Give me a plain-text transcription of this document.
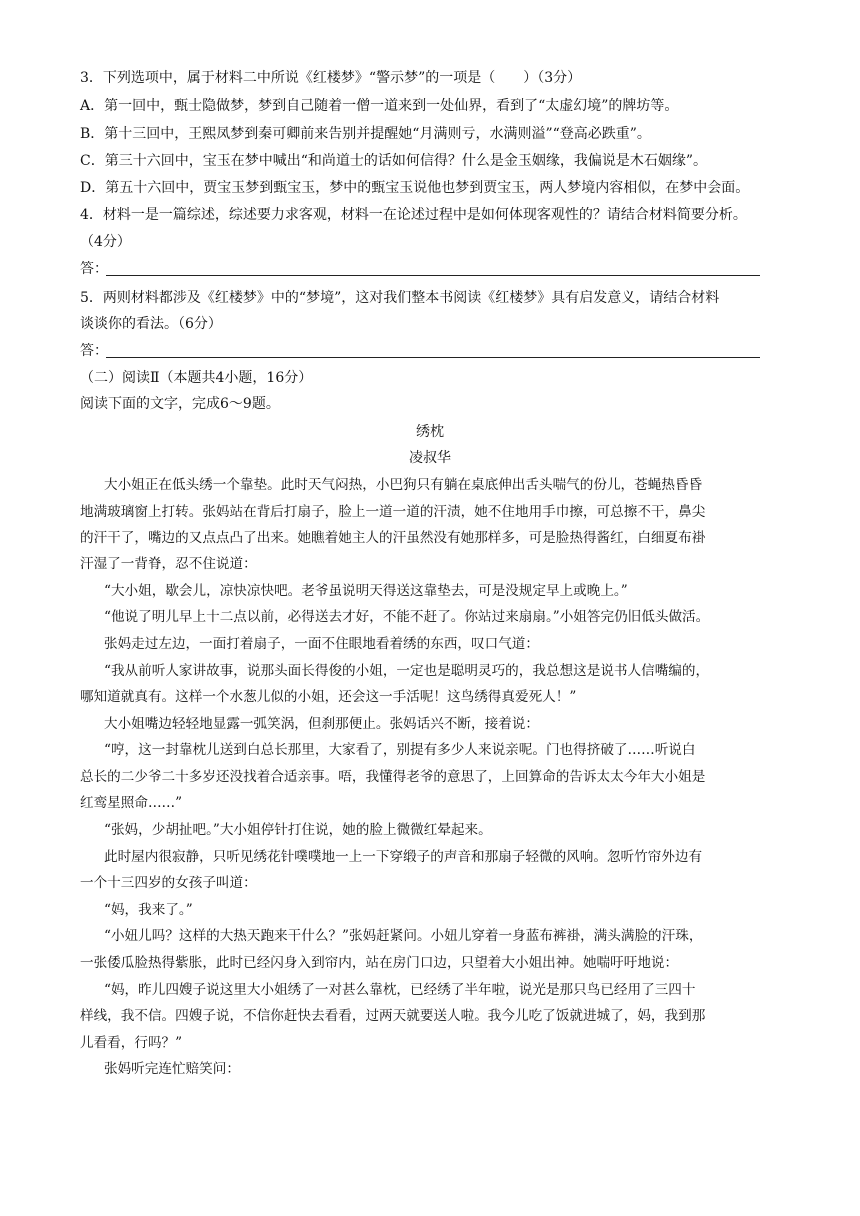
3．下列选项中，属于材料二中所说《红楼梦》“警示梦”的一项是（　　）（3分）
A．第一回中，甄士隐做梦，梦到自己随着一僧一道来到一处仙界，看到了“太虚幻境”的牌坊等。
B．第十三回中，王熙凤梦到秦可卿前来告别并提醒她“月满则亏，水满则溢”“登高必跌重”。
C．第三十六回中，宝玉在梦中喊出“和尚道士的话如何信得？什么是金玉姻缘，我偏说是木石姻缘”。
D．第五十六回中，贾宝玉梦到甄宝玉，梦中的甄宝玉说他也梦到贾宝玉，两人梦境内容相似，在梦中会面。
4．材料一是一篇综述，综述要力求客观，材料一在论述过程中是如何体现客观性的？请结合材料简要分析。
（4分）
答：
5．两则材料都涉及《红楼梦》中的“梦境”，这对我们整本书阅读《红楼梦》具有启发意义，请结合材料
谈谈你的看法。（6分）
答：
（二）阅读Ⅱ（本题共4小题，16分）
阅读下面的文字，完成6～9题。
绣枕
凌叔华
大小姐正在低头绣一个靠垫。此时天气闷热，小巴狗只有躺在桌底伸出舌头喘气的份儿，苍蝇热昏昏
地满玻璃窗上打转。张妈站在背后打扇子，脸上一道一道的汗渍，她不住地用手巾擦，可总擦不干，鼻尖
的汗干了，嘴边的又点点凸了出来。她瞧着她主人的汗虽然没有她那样多，可是脸热得酱红，白细夏布褂
汗湿了一背脊，忍不住说道：
“大小姐，歇会儿，凉快凉快吧。老爷虽说明天得送这靠垫去，可是没规定早上或晚上。”
“他说了明儿早上十二点以前，必得送去才好，不能不赶了。你站过来扇扇。”小姐答完仍旧低头做活。
张妈走过左边，一面打着扇子，一面不住眼地看着绣的东西，叹口气道：
“我从前听人家讲故事，说那头面长得俊的小姐，一定也是聪明灵巧的，我总想这是说书人信嘴编的，
哪知道就真有。这样一个水葱儿似的小姐，还会这一手活呢！这鸟绣得真爱死人！”
大小姐嘴边轻轻地显露一弧笑涡，但刹那便止。张妈话兴不断，接着说：
“哼，这一封靠枕儿送到白总长那里，大家看了，别提有多少人来说亲呢。门也得挤破了……听说白
总长的二少爷二十多岁还没找着合适亲事。唔，我懂得老爷的意思了，上回算命的告诉太太今年大小姐是
红鸾星照命……”
“张妈，少胡扯吧。”大小姐停针打住说，她的脸上微微红晕起来。
此时屋内很寂静，只听见绣花针噗噗地一上一下穿缎子的声音和那扇子轻微的风响。忽听竹帘外边有
一个十三四岁的女孩子叫道：
“妈，我来了。”
“小妞儿吗？这样的大热天跑来干什么？”张妈赶紧问。小妞儿穿着一身蓝布裤褂，满头满脸的汗珠，
一张倭瓜脸热得紫胀，此时已经闪身入到帘内，站在房门口边，只望着大小姐出神。她喘吁吁地说：
“妈，昨儿四嫂子说这里大小姐绣了一对甚么靠枕，已经绣了半年啦，说光是那只鸟已经用了三四十
样线，我不信。四嫂子说，不信你赶快去看看，过两天就要送人啦。我今儿吃了饭就进城了，妈，我到那
儿看看，行吗？”
张妈听完连忙赔笑问：
